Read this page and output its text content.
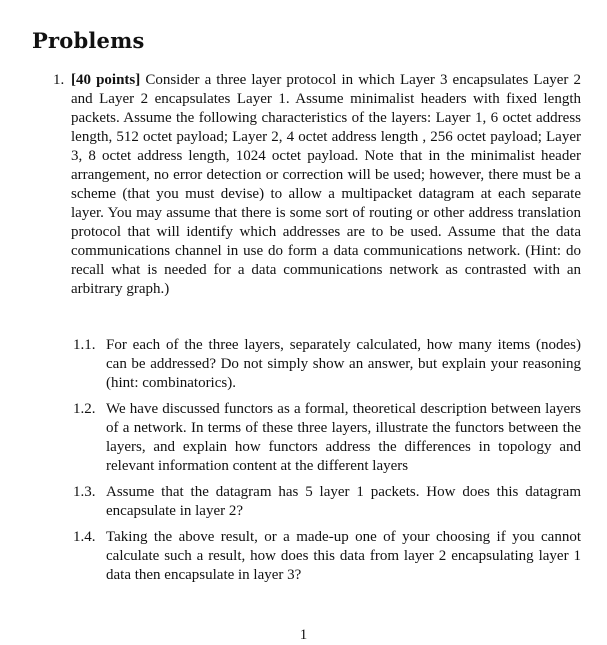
Problems
1. [40 points] Consider a three layer protocol in which Layer 3 encapsulates Layer 2 and Layer 2 encapsulates Layer 1. Assume minimalist headers with fixed length packets. Assume the following characteristics of the layers: Layer 1, 6 octet address length, 512 octet payload; Layer 2, 4 octet address length , 256 octet payload; Layer 3, 8 octet address length, 1024 octet payload. Note that in the minimalist header arrangement, no error detection or correction will be used; however, there must be a scheme (that you must devise) to allow a multipacket datagram at each separate layer. You may assume that there is some sort of routing or other address translation protocol that will identify which addresses are to be used. Assume that the data communications channel in use do form a data communications network. (Hint: do recall what is needed for a data communications network as contrasted with an arbitrary graph.)
1.1. For each of the three layers, separately calculated, how many items (nodes) can be addressed? Do not simply show an answer, but explain your reasoning (hint: combinatorics).
1.2. We have discussed functors as a formal, theoretical description between layers of a network. In terms of these three layers, illustrate the functors between the layers, and explain how functors address the differences in topology and relevant information content at the different layers
1.3. Assume that the datagram has 5 layer 1 packets. How does this datagram encapsulate in layer 2?
1.4. Taking the above result, or a made-up one of your choosing if you cannot calculate such a result, how does this data from layer 2 encapsulating layer 1 data then encapsulate in layer 3?
1
